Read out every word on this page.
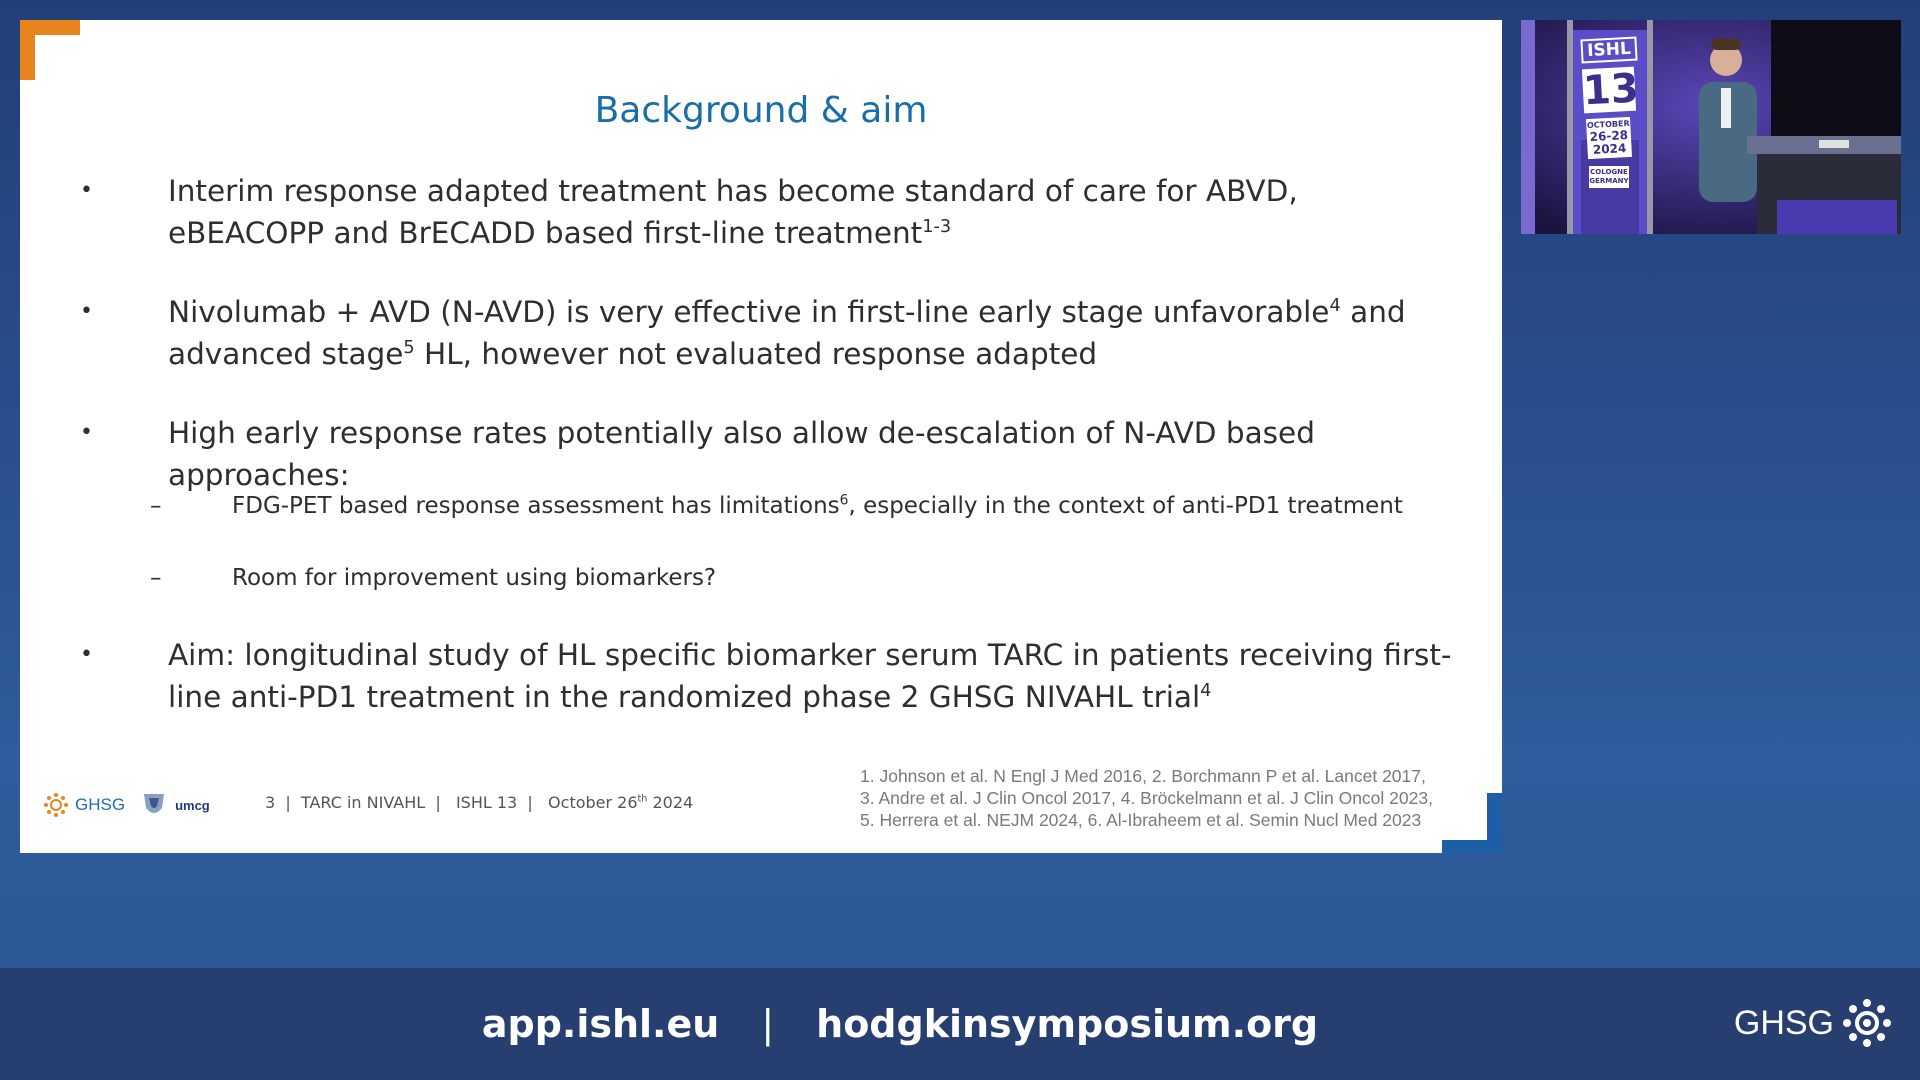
Background & aim
•	Interim response adapted treatment has become standard of care for ABVD, eBEACOPP and BrECADD based first-line treatment$^{1-3}$
•	Nivolumab + AVD (N-AVD) is very effective in first-line early stage unfavorable$^4$ and advanced stage$^5$ HL, however not evaluated response adapted
•	High early response rates potentially also allow de-escalation of N-AVD based approaches:
–	FDG-PET based response assessment has limitations$^6$, especially in the context of anti-PD1 treatment
–	Room for improvement using biomarkers?
•	Aim: longitudinal study of HL specific biomarker serum TARC in patients receiving first-line anti-PD1 treatment in the randomized phase 2 GHSG NIVAHL trial$^4$
GHSG	umcg	3  |  TARC in NIVAHL  |   ISHL 13  |   October 26th 2024
1. Johnson et al. N Engl J Med 2016, 2. Borchmann P et al. Lancet 2017,
3. Andre et al. J Clin Oncol 2017, 4. Bröckelmann et al. J Clin Oncol 2023,
5. Herrera et al. NEJM 2024, 6. Al-Ibraheem et al. Semin Nucl Med 2023
ISHL
13
OCTOBER
26-28
2024
COLOGNE
GERMANY
app.ishl.eu | hodgkinsymposium.org	GHSG
